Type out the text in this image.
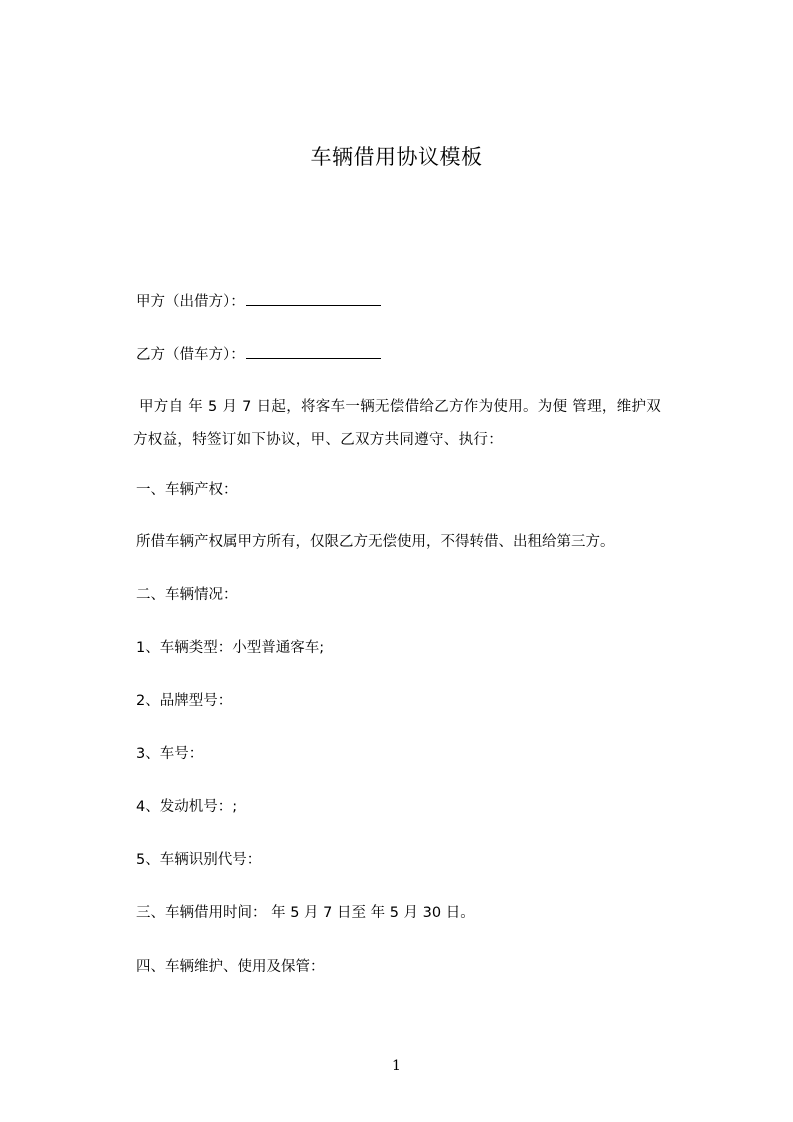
车辆借用协议模板
甲方（出借方）：
乙方（借车方）：
甲方自 年 5 月 7 日起，将客车一辆无偿借给乙方作为使用。为便 管理，维护双
方权益，特签订如下协议，甲、乙双方共同遵守、执行：
一、车辆产权：
所借车辆产权属甲方所有，仅限乙方无偿使用，不得转借、出租给第三方。
二、车辆情况：
1、车辆类型：小型普通客车;
2、品牌型号：
3、车号：
4、发动机号：;
5、车辆识别代号：
三、车辆借用时间： 年 5 月 7 日至 年 5 月 30 日。
四、车辆维护、使用及保管：
1
